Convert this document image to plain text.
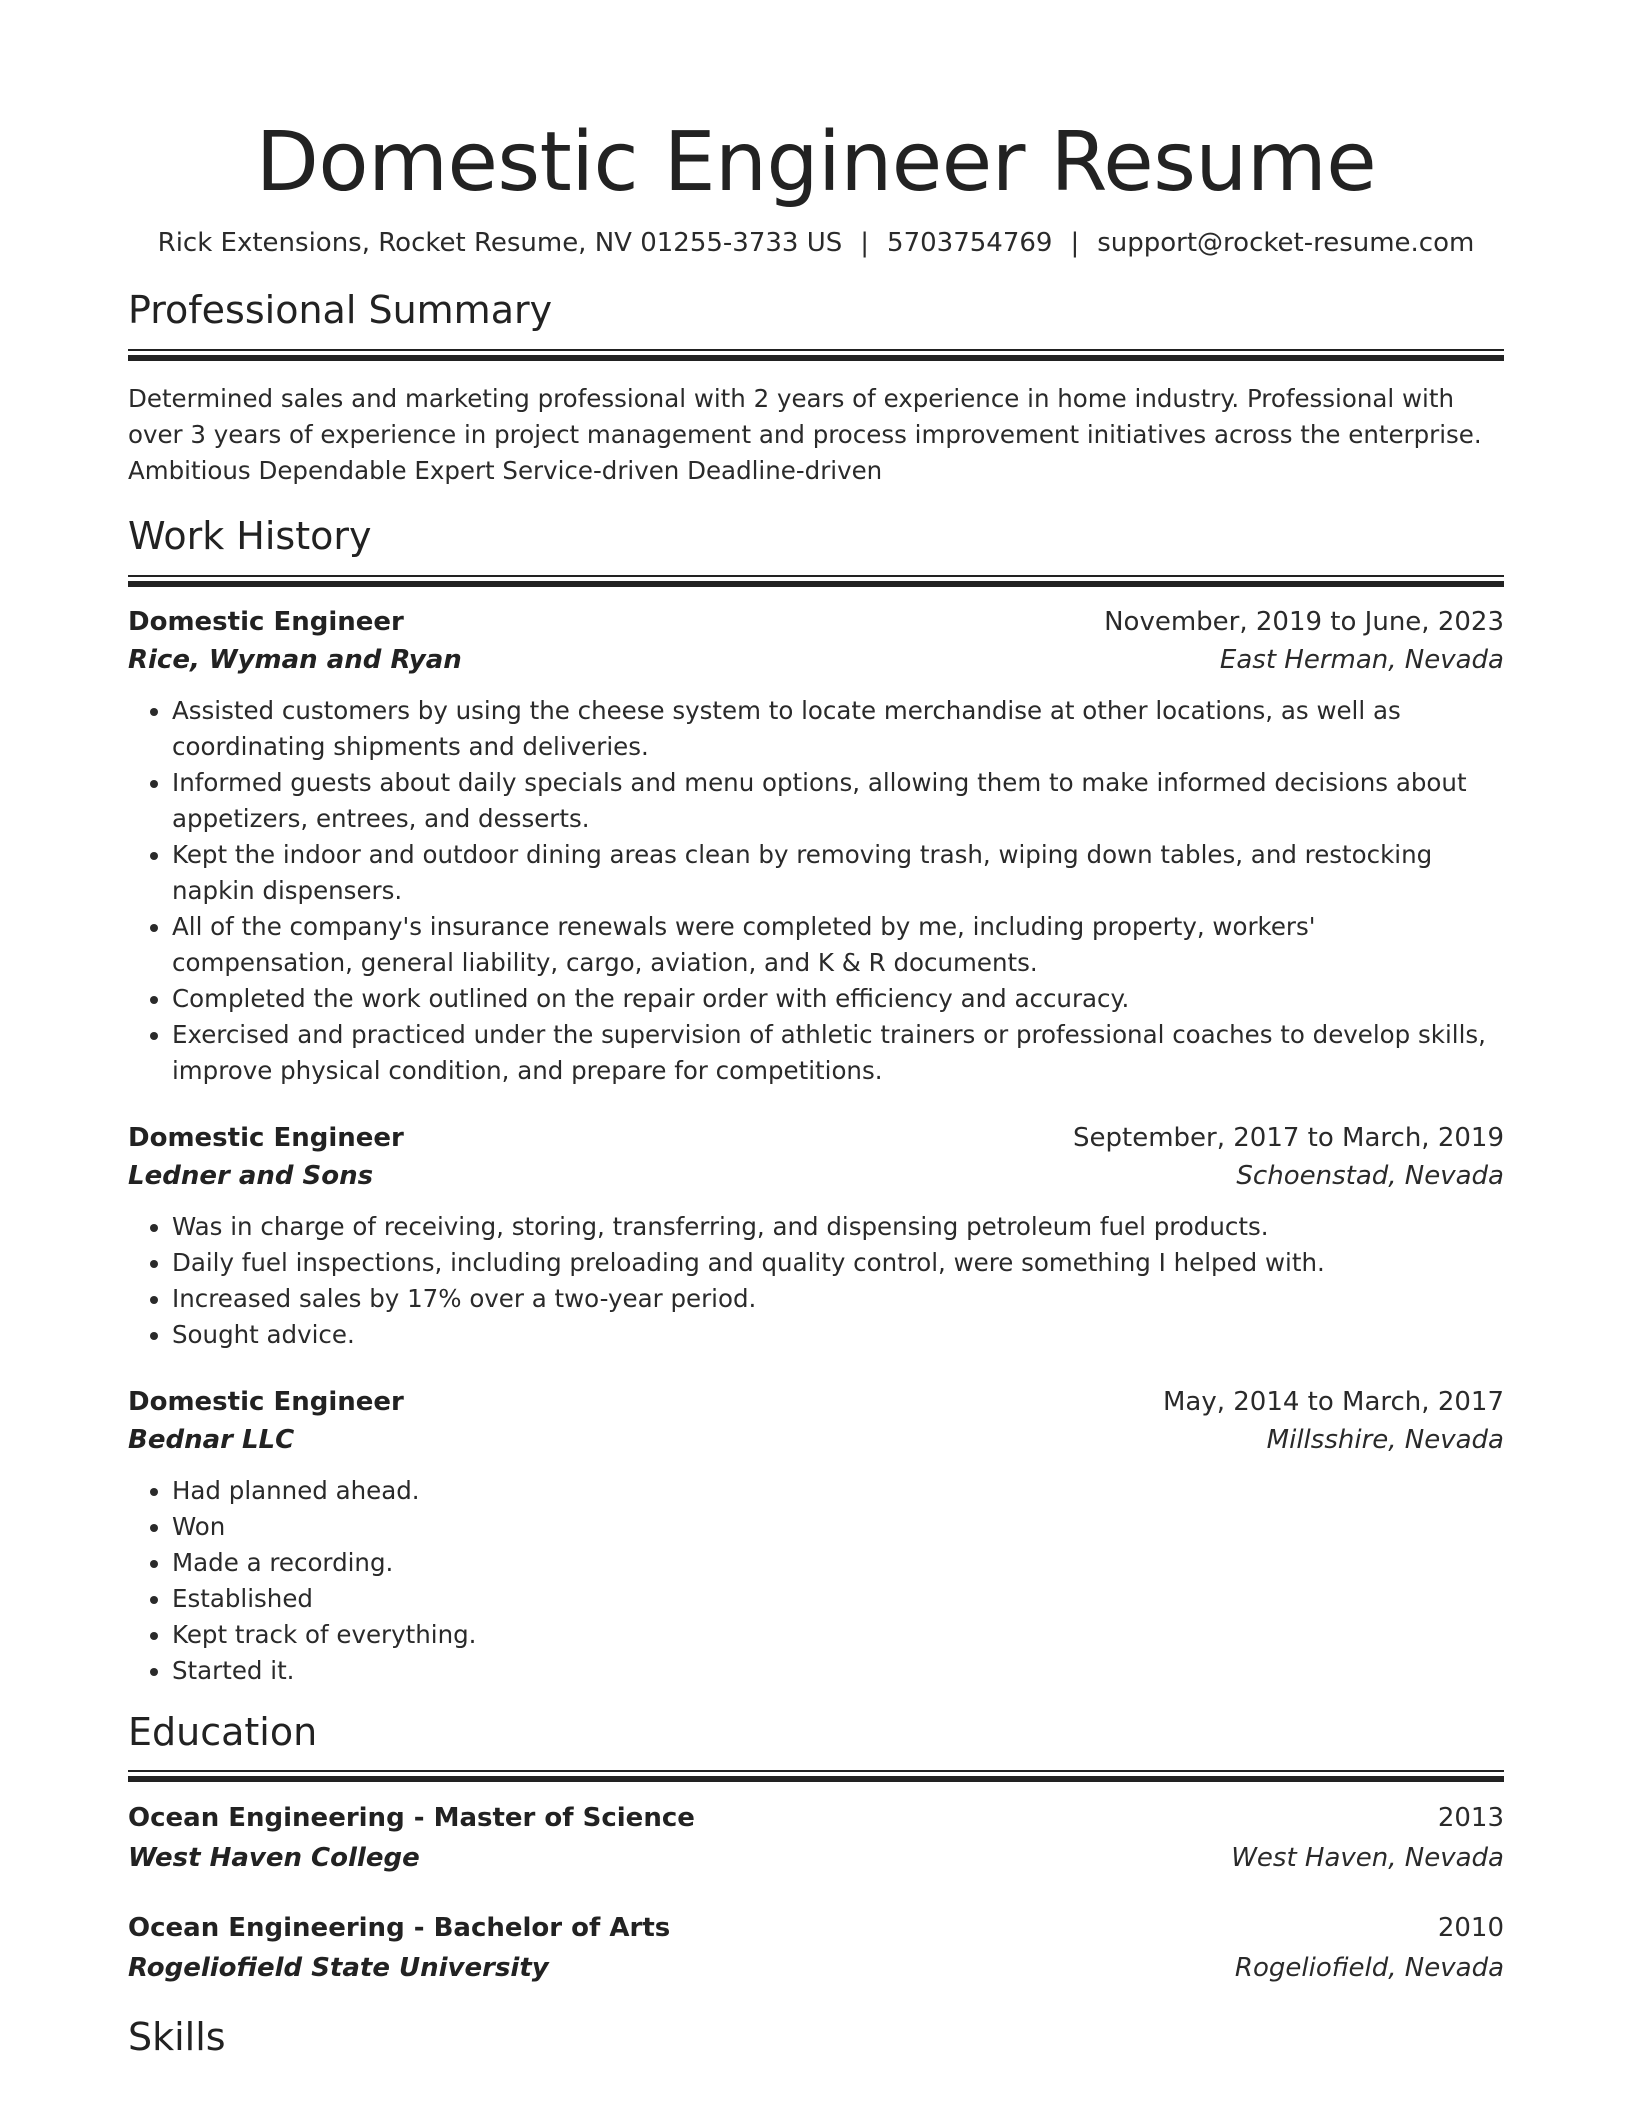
Domestic Engineer Resume
Rick Extensions, Rocket Resume, NV 01255-3733 US | 5703754769 | support@rocket-resume.com
Professional Summary

Determined sales and marketing professional with 2 years of experience in home industry. Professional with over 3 years of experience in project management and process improvement initiatives across the enterprise. Ambitious Dependable Expert Service-driven Deadline-driven

Work History
Domestic Engineer	November, 2019 to June, 2023
Rice, Wyman and Ryan	East Herman, Nevada
• Assisted customers by using the cheese system to locate merchandise at other locations, as well as coordinating shipments and deliveries.
• Informed guests about daily specials and menu options, allowing them to make informed decisions about appetizers, entrees, and desserts.
• Kept the indoor and outdoor dining areas clean by removing trash, wiping down tables, and restocking napkin dispensers.
• All of the company's insurance renewals were completed by me, including property, workers' compensation, general liability, cargo, aviation, and K & R documents.
• Completed the work outlined on the repair order with efficiency and accuracy.
• Exercised and practiced under the supervision of athletic trainers or professional coaches to develop skills, improve physical condition, and prepare for competitions.
Domestic Engineer	September, 2017 to March, 2019
Ledner and Sons	Schoenstad, Nevada
• Was in charge of receiving, storing, transferring, and dispensing petroleum fuel products.
• Daily fuel inspections, including preloading and quality control, were something I helped with.
• Increased sales by 17% over a two-year period.
• Sought advice.
Domestic Engineer	May, 2014 to March, 2017
Bednar LLC	Millsshire, Nevada
• Had planned ahead.
• Won
• Made a recording.
• Established
• Kept track of everything.
• Started it.
Education
Ocean Engineering - Master of Science	2013
West Haven College	West Haven, Nevada
Ocean Engineering - Bachelor of Arts	2010
Rogeliofield State University	Rogeliofield, Nevada
Skills
